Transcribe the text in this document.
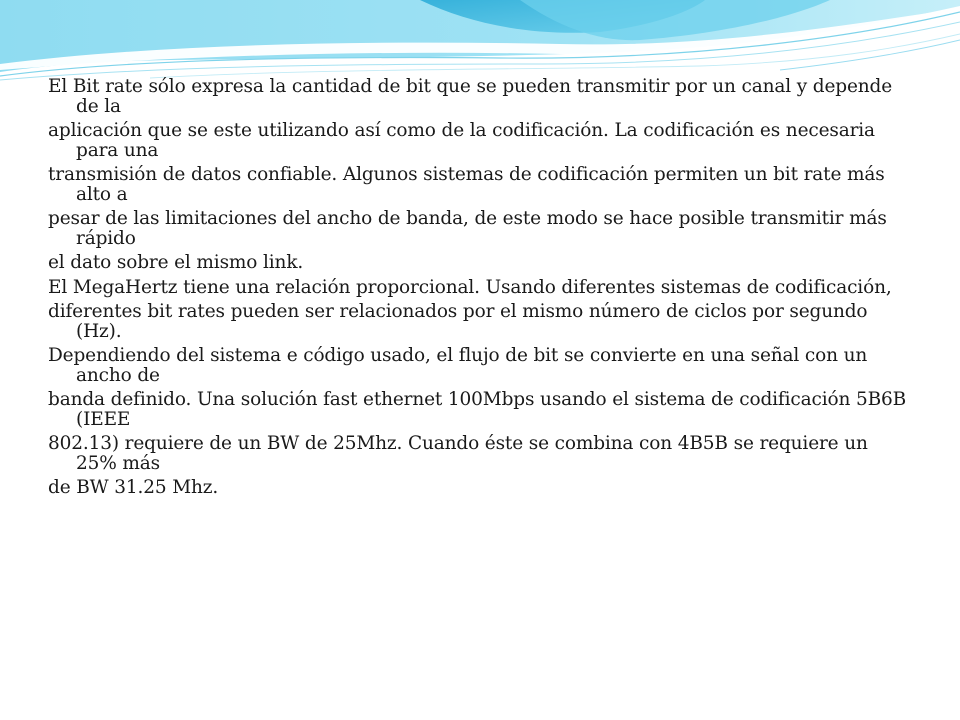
El Bit rate sólo expresa la cantidad de bit que se pueden transmitir por un canal y depende de la

aplicación que se este utilizando así como de la codificación. La codificación es necesaria para una

transmisión de datos confiable. Algunos sistemas de codificación permiten un bit rate más alto a

pesar de las limitaciones del ancho de banda, de este modo se hace posible transmitir más rápido

el dato sobre el mismo link.

El MegaHertz tiene una relación proporcional. Usando diferentes sistemas de codificación,

diferentes bit rates pueden ser relacionados por el mismo número de ciclos por segundo (Hz).

Dependiendo del sistema e código usado, el flujo de bit se convierte en una señal con un ancho de

banda definido. Una solución fast ethernet 100Mbps usando el sistema de codificación 5B6B (IEEE

802.13) requiere de un BW de 25Mhz. Cuando éste se combina con 4B5B se requiere un 25% más

de BW 31.25 Mhz.
